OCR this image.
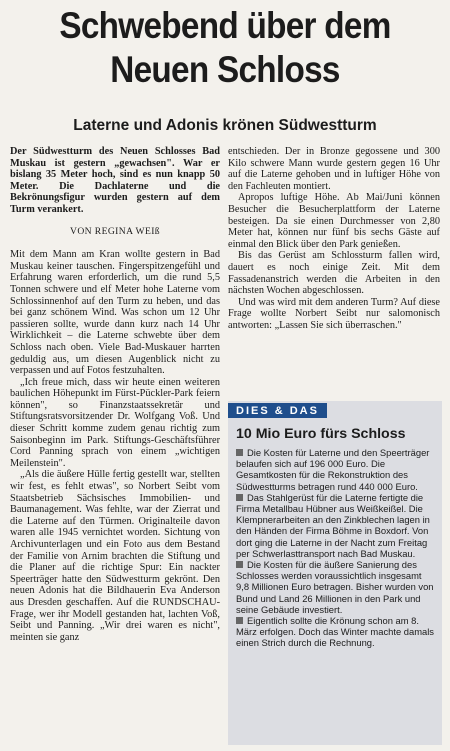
Schwebend über dem Neuen Schloss
Laterne und Adonis krönen Südwestturm

Der Südwestturm des Neuen Schlosses Bad Muskau ist gestern „gewachsen". War er bislang 35 Meter hoch, sind es nun knapp 50 Meter. Die Dachlaterne und die Bekrönungsfigur wurden gestern auf dem Turm verankert.

VON REGINA WEIß

Mit dem Mann am Kran wollte gestern in Bad Muskau keiner tauschen. Fingerspitzengefühl und Erfahrung waren erforderlich, um die rund 5,5 Tonnen schwere und elf Meter hohe Laterne vom Schlossinnenhof auf den Turm zu heben, und das bei ganz schönem Wind. Was schon um 12 Uhr passieren sollte, wurde dann kurz nach 14 Uhr Wirklichkeit – die Laterne schwebte über dem Schloss nach oben. Viele Bad-Muskauer harrten geduldig aus, um diesen Augenblick nicht zu verpassen und auf Fotos festzuhalten.

„Ich freue mich, dass wir heute einen weiteren baulichen Höhepunkt im Fürst-Pückler-Park feiern können", so Finanzstaatssekretär und Stiftungsratsvorsitzender Dr. Wolfgang Voß. Und dieser Schritt komme zudem genau richtig zum Saisonbeginn im Park. Stiftungs-Geschäftsführer Cord Panning sprach von einem „wichtigen Meilenstein".

„Als die äußere Hülle fertig gestellt war, stellten wir fest, es fehlt etwas", so Norbert Seibt vom Staatsbetrieb Sächsisches Immobilien- und Baumanagement. Was fehlte, war der Zierrat und die Laterne auf den Türmen. Originalteile davon waren alle 1945 vernichtet worden. Sichtung von Archivunterlagen und ein Foto aus dem Bestand der Familie von Arnim brachten die Stiftung und die Planer auf die richtige Spur: Ein nackter Speerträger hatte den Südwestturm gekrönt. Den neuen Adonis hat die Bildhauerin Eva Anderson aus Dresden geschaffen. Auf die RUNDSCHAU-Frage, wer ihr Modell gestanden hat, lachten Voß, Seibt und Panning. „Wir drei waren es nicht", meinten sie ganz

entschieden. Der in Bronze gegossene und 300 Kilo schwere Mann wurde gestern gegen 16 Uhr auf die Laterne gehoben und in luftiger Höhe von den Fachleuten montiert.

Apropos luftige Höhe. Ab Mai/Juni können Besucher die Besucherplattform der Laterne besteigen. Da sie einen Durchmesser von 2,80 Meter hat, können nur fünf bis sechs Gäste auf einmal den Blick über den Park genießen.

Bis das Gerüst am Schlossturm fallen wird, dauert es noch einige Zeit. Mit dem Fassadenanstrich werden die Arbeiten in den nächsten Wochen abgeschlossen.

Und was wird mit dem anderen Turm? Auf diese Frage wollte Norbert Seibt nur salomonisch antworten: „Lassen Sie sich überraschen."

DIES & DAS
10 Mio Euro fürs Schloss
Die Kosten für Laterne und den Speerträger belaufen sich auf 196 000 Euro. Die Gesamtkosten für die Rekonstruktion des Südwestturms betragen rund 440 000 Euro.
Das Stahlgerüst für die Laterne fertigte die Firma Metallbau Hübner aus Weißkeißel. Die Klempnerarbeiten an den Zinkblechen lagen in den Händen der Firma Böhme in Boxdorf. Von dort ging die Laterne in der Nacht zum Freitag per Schwerlasttransport nach Bad Muskau.
Die Kosten für die äußere Sanierung des Schlosses werden voraussichtlich insgesamt 9,8 Millionen Euro betragen. Bisher wurden von Bund und Land 26 Millionen in den Park und seine Gebäude investiert.
Eigentlich sollte die Krönung schon am 8. März erfolgen. Doch das Winter machte damals einen Strich durch die Rechnung.
